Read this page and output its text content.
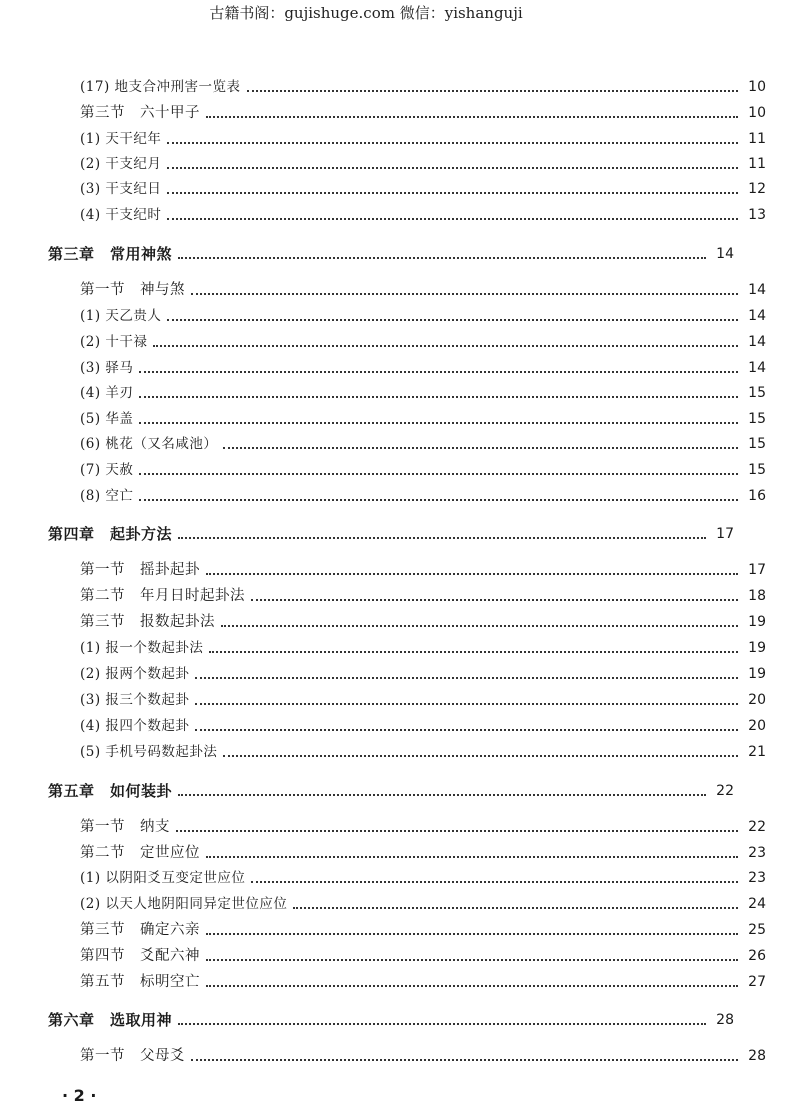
古籍书阁：gujishuge.com 微信：yishanguji
(17) 地支合冲刑害一览表	10
第三节　六十甲子	10
(1) 天干纪年	11
(2) 干支纪月	11
(3) 干支纪日	12
(4) 干支纪时	13
第三章　常用神煞	14
第一节　神与煞	14
(1) 天乙贵人	14
(2) 十干禄	14
(3) 驿马	14
(4) 羊刃	15
(5) 华盖	15
(6) 桃花（又名咸池）	15
(7) 天赦	15
(8) 空亡	16
第四章　起卦方法	17
第一节　摇卦起卦	17
第二节　年月日时起卦法	18
第三节　报数起卦法	19
(1) 报一个数起卦法	19
(2) 报两个数起卦	19
(3) 报三个数起卦	20
(4) 报四个数起卦	20
(5) 手机号码数起卦法	21
第五章　如何装卦	22
第一节　纳支	22
第二节　定世应位	23
(1) 以阴阳爻互变定世应位	23
(2) 以天人地阴阳同异定世位应位	24
第三节　确定六亲	25
第四节　爻配六神	26
第五节　标明空亡	27
第六章　选取用神	28
第一节　父母爻	28
· 2 ·
